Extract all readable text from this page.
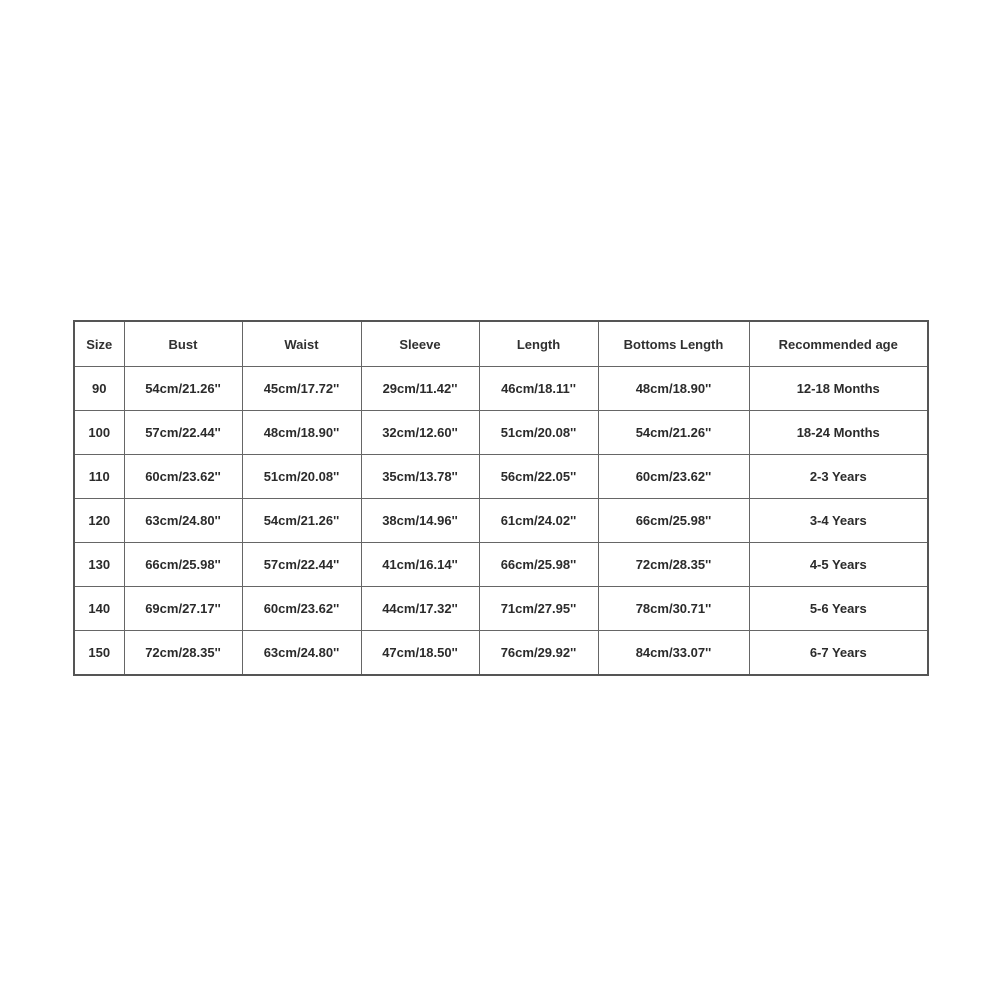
Size	Bust	Waist	Sleeve	Length	Bottoms Length	Recommended age
90	54cm/21.26''	45cm/17.72''	29cm/11.42''	46cm/18.11''	48cm/18.90''	12-18 Months
100	57cm/22.44''	48cm/18.90''	32cm/12.60''	51cm/20.08''	54cm/21.26''	18-24 Months
110	60cm/23.62''	51cm/20.08''	35cm/13.78''	56cm/22.05''	60cm/23.62''	2-3 Years
120	63cm/24.80''	54cm/21.26''	38cm/14.96''	61cm/24.02''	66cm/25.98''	3-4 Years
130	66cm/25.98''	57cm/22.44''	41cm/16.14''	66cm/25.98''	72cm/28.35''	4-5 Years
140	69cm/27.17''	60cm/23.62''	44cm/17.32''	71cm/27.95''	78cm/30.71''	5-6 Years
150	72cm/28.35''	63cm/24.80''	47cm/18.50''	76cm/29.92''	84cm/33.07''	6-7 Years
